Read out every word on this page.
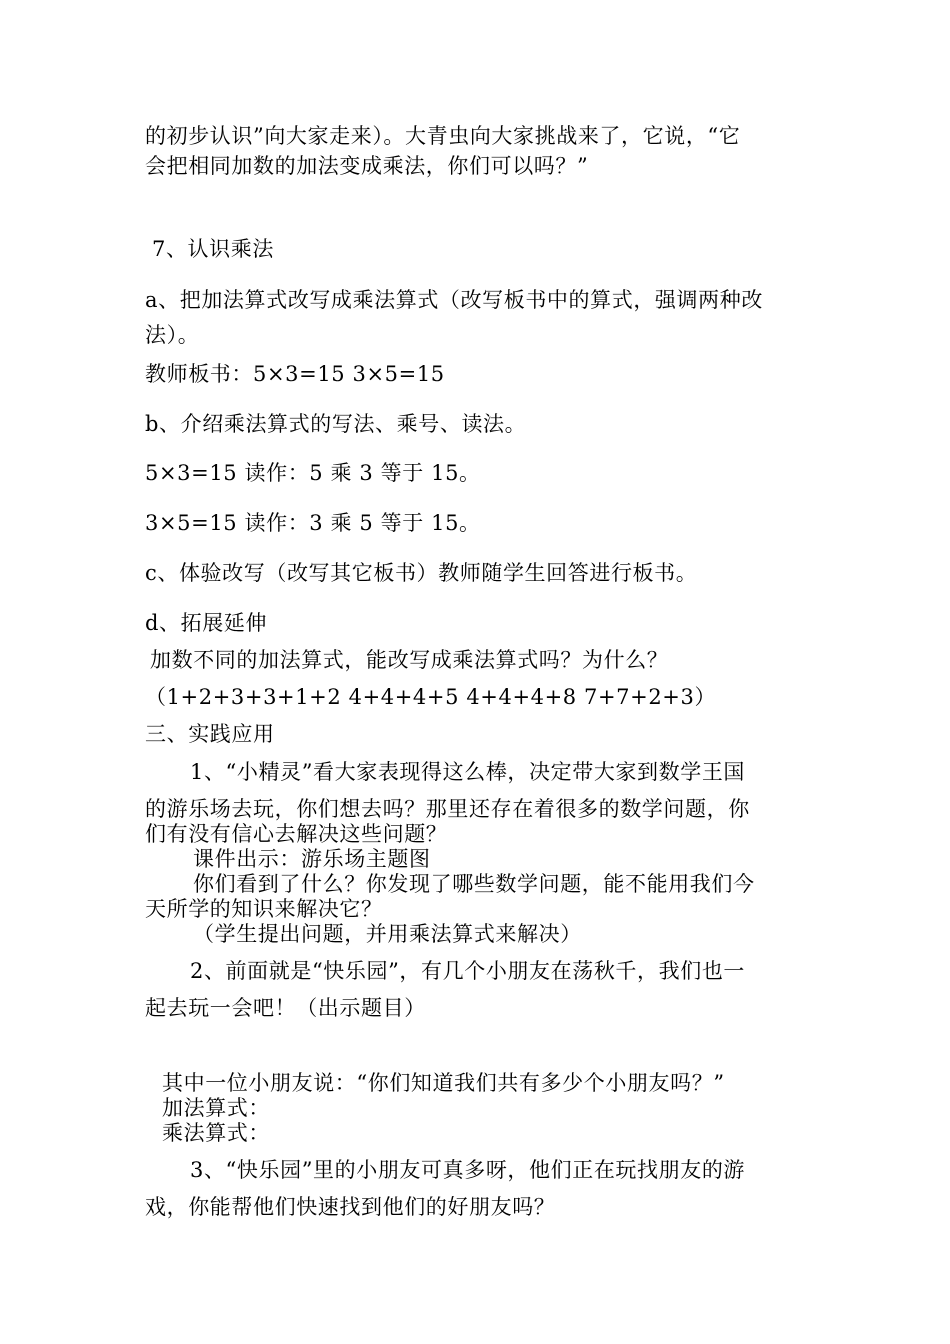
的初步认识”向大家走来）。大青虫向大家挑战来了，它说，“它
会把相同加数的加法变成乘法，你们可以吗？”
7、认识乘法
a、把加法算式改写成乘法算式（改写板书中的算式，强调两种改
法）。
教师板书：5×3=15 3×5=15
b、介绍乘法算式的写法、乘号、读法。
5×3=15 读作：5 乘 3 等于 15。
3×5=15 读作：3 乘 5 等于 15。
c、体验改写（改写其它板书）教师随学生回答进行板书。
d、拓展延伸
加数不同的加法算式，能改写成乘法算式吗？为什么？
（1+2+3+3+1+2 4+4+4+5 4+4+4+8 7+7+2+3）
三、实践应用
1、“小精灵”看大家表现得这么棒，决定带大家到数学王国
的游乐场去玩，你们想去吗？那里还存在着很多的数学问题，你
们有没有信心去解决这些问题？
课件出示：游乐场主题图
你们看到了什么？你发现了哪些数学问题，能不能用我们今
天所学的知识来解决它？
（学生提出问题，并用乘法算式来解决）
2、前面就是“快乐园”，有几个小朋友在荡秋千，我们也一
起去玩一会吧！（出示题目）
其中一位小朋友说：“你们知道我们共有多少个小朋友吗？”
加法算式：
乘法算式：
3、“快乐园”里的小朋友可真多呀，他们正在玩找朋友的游
戏，你能帮他们快速找到他们的好朋友吗？
